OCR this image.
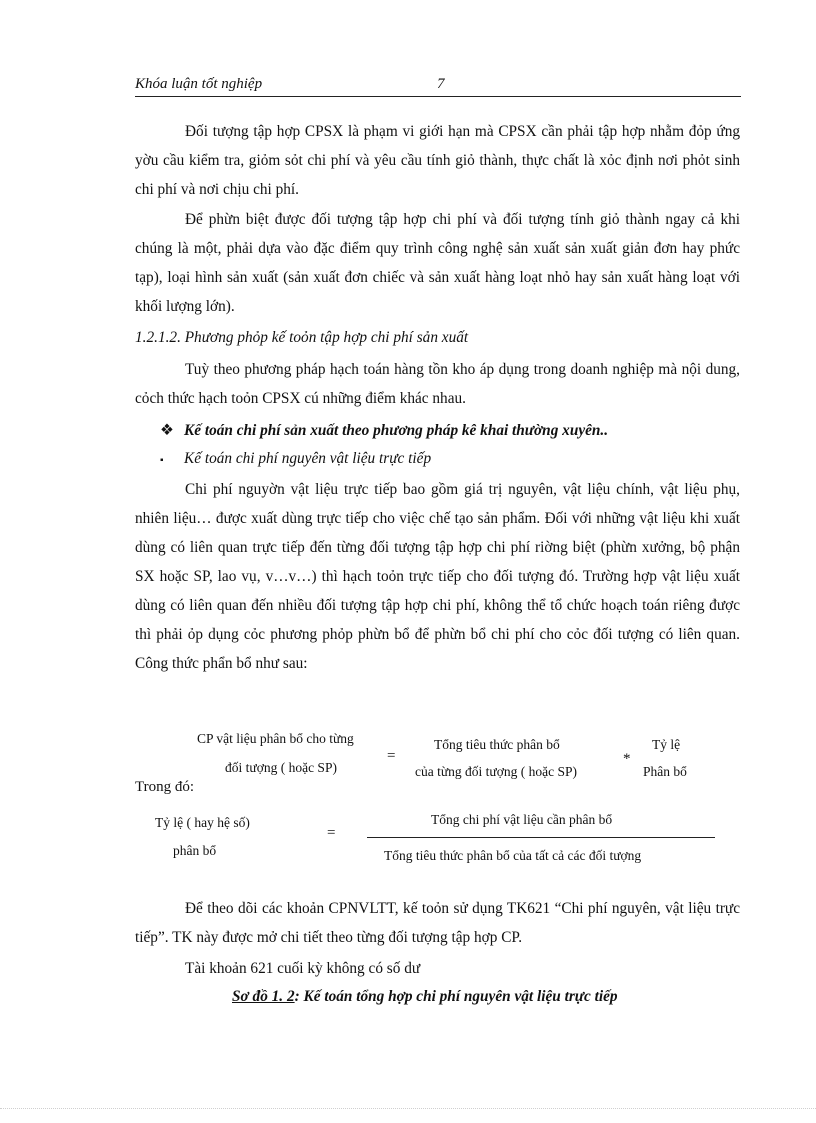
Khóa luận tốt nghiệp	7
Đối tượng tập hợp CPSX là phạm vi giới hạn mà CPSX cần phải tập hợp nhằm đỏp ứng yờu cầu kiểm tra, giỏm sỏt chi phí và yêu cầu tính giỏ thành, thực chất là xỏc định nơi phỏt sinh chi phí và nơi chịu chi phí.
Để phừn biệt được đối tượng tập hợp chi phí và đối tượng tính giỏ thành ngay cả khi chúng là một, phải dựa vào đặc điểm quy trình công nghệ sản xuất sản xuất giản đơn hay phức tạp), loại hình sản xuất (sản xuất đơn chiếc và sản xuất hàng loạt nhỏ hay sản xuất hàng loạt với khối lượng lớn).
1.2.1.2. Phương phỏp kế toỏn tập hợp chi phí sản xuất
Tuỳ theo phương pháp hạch toán hàng tồn kho áp dụng trong doanh nghiệp mà nội dung, cỏch thức hạch toỏn CPSX cú những điểm khác nhau.
❖ Kế toán chi phí sản xuất theo phương pháp kê khai thường xuyên..
▪ Kế toán chi phí nguyên vật liệu trực tiếp
Chi phí nguyờn vật liệu trực tiếp bao gồm giá trị nguyên, vật liệu chính, vật liệu phụ, nhiên liệu… được xuất dùng trực tiếp cho việc chế tạo sản phẩm. Đối với những vật liệu khi xuất dùng có liên quan trực tiếp đến từng đối tượng tập hợp chi phí riờng biệt (phừn xưởng, bộ phận SX hoặc SP, lao vụ, v…v…) thì hạch toỏn trực tiếp cho đối tượng đó. Trường hợp vật liệu xuất dùng có liên quan đến nhiều đối tượng tập hợp chi phí, không thể tổ chức hoạch toán riêng được thì phải ỏp dụng cỏc phương phỏp phừn bổ để phừn bổ chi phí cho cỏc đối tượng có liên quan. Công thức phẩn bổ như sau:
CP vật liệu phân bổ cho từng
đối tượng ( hoặc SP)
=
Tổng tiêu thức phân bổ
của từng đối tượng ( hoặc SP)
*
Tỷ lệ
Phân bổ
Trong đó:
Tỷ lệ ( hay hệ số)
phân bổ
=
Tổng chi phí vật liệu cần phân bổ
Tổng tiêu thức phân bổ của tất cả các đối tượng
Để theo dõi các khoản CPNVLTT, kế toỏn sử dụng TK621 “Chi phí nguyên, vật liệu trực tiếp”. TK này được mở chi tiết theo từng đối tượng tập hợp CP.
Tài khoản 621 cuối kỳ không có số dư
Sơ đồ 1. 2: Kế toán tổng hợp chi phí nguyên vật liệu trực tiếp
